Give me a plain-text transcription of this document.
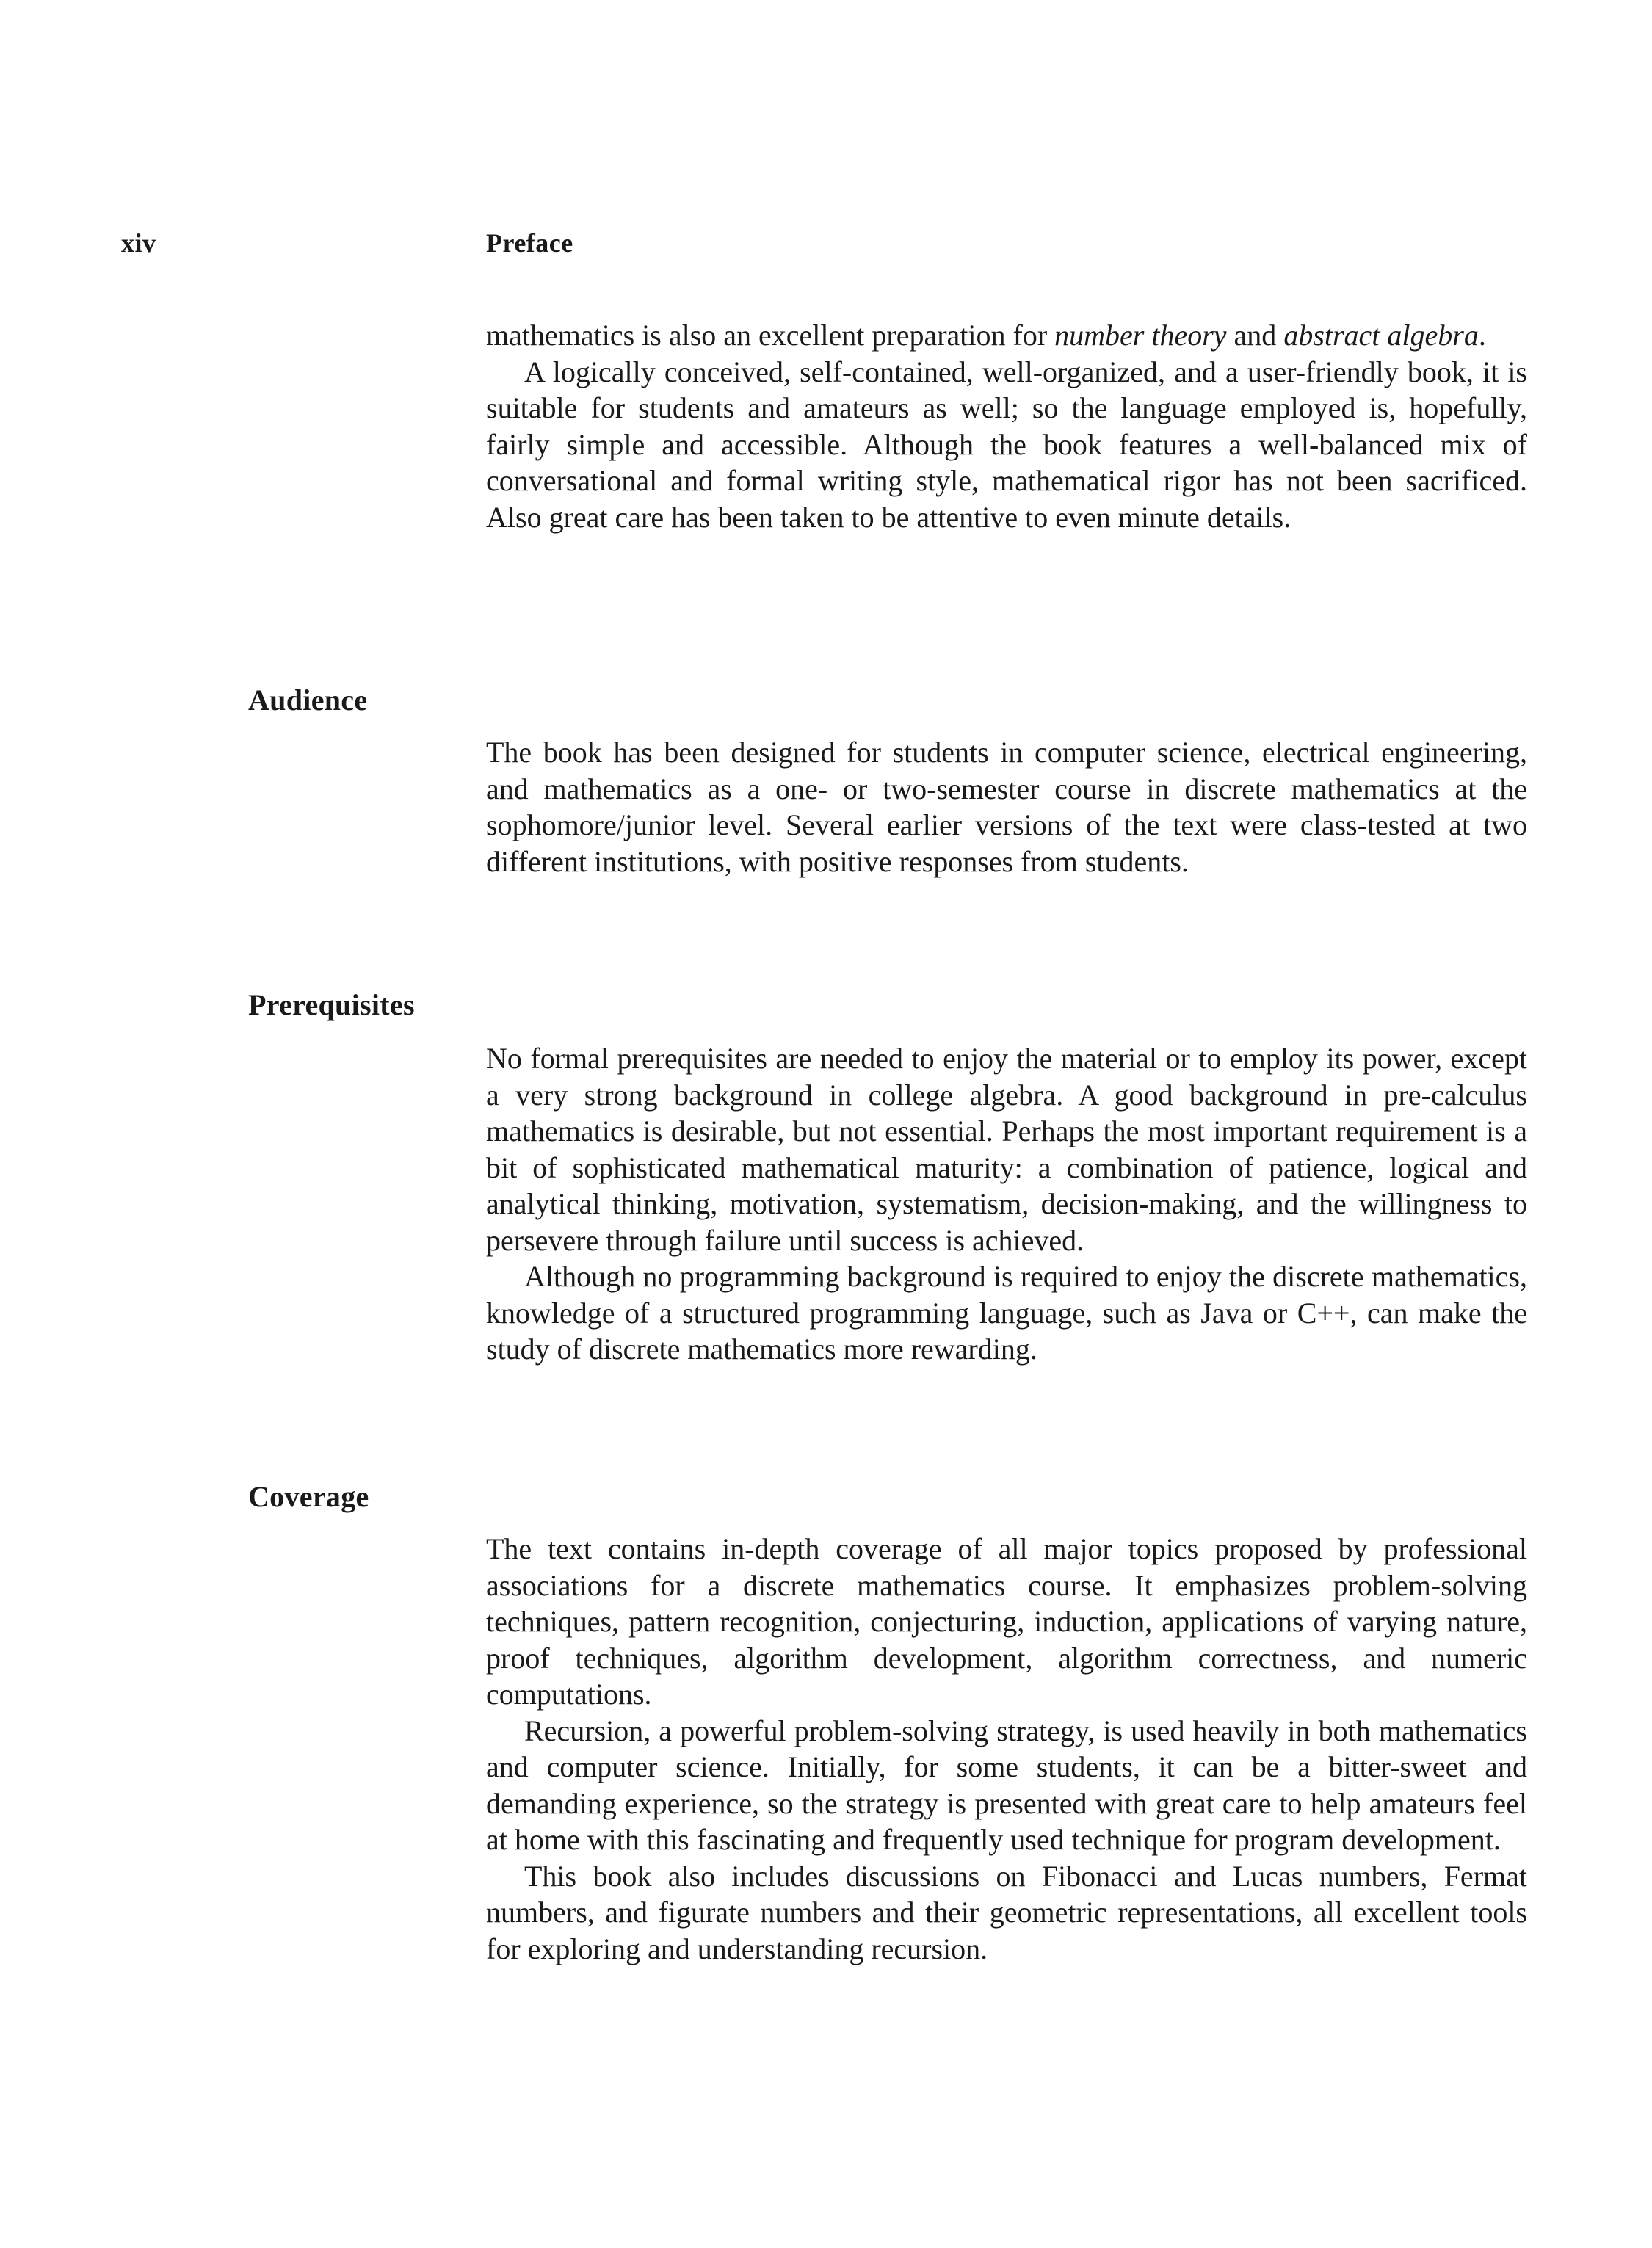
xiv	Preface

mathematics is also an excellent preparation for number theory and abstract algebra.

A logically conceived, self-contained, well-organized, and a user-friendly book, it is suitable for students and amateurs as well; so the language employed is, hopefully, fairly simple and accessible. Although the book features a well-balanced mix of conversational and formal writing style, mathematical rigor has not been sacrificed. Also great care has been taken to be attentive to even minute details.

Audience

The book has been designed for students in computer science, electrical engineering, and mathematics as a one- or two-semester course in discrete mathematics at the sophomore/junior level. Several earlier versions of the text were class-tested at two different institutions, with positive responses from students.

Prerequisites

No formal prerequisites are needed to enjoy the material or to employ its power, except a very strong background in college algebra. A good background in pre-calculus mathematics is desirable, but not essential. Perhaps the most important requirement is a bit of sophisticated mathematical maturity: a combination of patience, logical and analytical thinking, motivation, systematism, decision-making, and the willingness to persevere through failure until success is achieved.

Although no programming background is required to enjoy the discrete mathematics, knowledge of a structured programming language, such as Java or C++, can make the study of discrete mathematics more rewarding.

Coverage

The text contains in-depth coverage of all major topics proposed by professional associations for a discrete mathematics course. It emphasizes problem-solving techniques, pattern recognition, conjecturing, induction, applications of varying nature, proof techniques, algorithm development, algorithm correctness, and numeric computations.

Recursion, a powerful problem-solving strategy, is used heavily in both mathematics and computer science. Initially, for some students, it can be a bitter-sweet and demanding experience, so the strategy is presented with great care to help amateurs feel at home with this fascinating and frequently used technique for program development.

This book also includes discussions on Fibonacci and Lucas numbers, Fermat numbers, and figurate numbers and their geometric representations, all excellent tools for exploring and understanding recursion.
